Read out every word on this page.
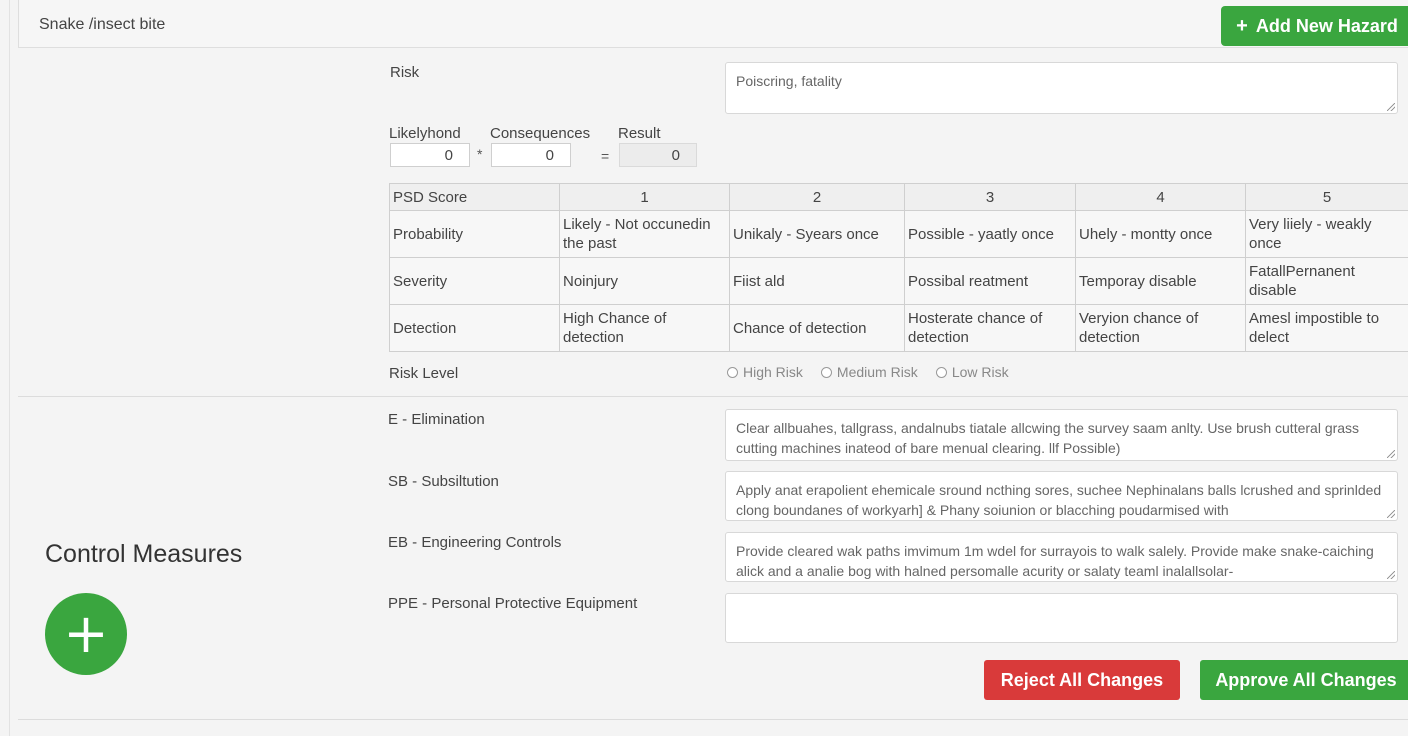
Snake /insect bite	+ Add New Hazard
Risk	Poiscring, fatality
Likelyhond Consequences Result
0	*	0	=	0
PSD Score	1	2	3	4	5
Probability	Likely - Not occunedin the past	Unikaly - Syears once	Possible - yaatly once	Uhely - montty once	Very liiely - weakly once
Severity	Noinjury	Fiist ald	Possibal reatment	Temporay disable	FatallPernanent disable
Detection	High Chance of detection	Chance of detection	Hosterate chance of detection	Veryion chance of detection	Amesl impostible to delect
Risk Level	High Risk Medium Risk Low Risk
Control Measures
+
E - Elimination	Clear allbuahes, tallgrass, andalnubs tiatale allcwing the survey saam anlty. Use brush cutteral grass cutting machines inateod of bare menual clearing. llf Possible)
SB - Subsiltution	Apply anat erapolient ehemicale sround ncthing sores, suchee Nephinalans balls lcrushed and sprinlded clong boundanes of workyarh] & Phany soiunion or blacching poudarmised with
EB - Engineering Controls	Provide cleared wak paths imvimum 1m wdel for surrayois to walk salely. Provide make snake-caiching alick and a analie bog with halned persomalle acurity or salaty teaml inalallsolar-
PPE - Personal Protective Equipment
Reject All Changes	Approve All Changes
